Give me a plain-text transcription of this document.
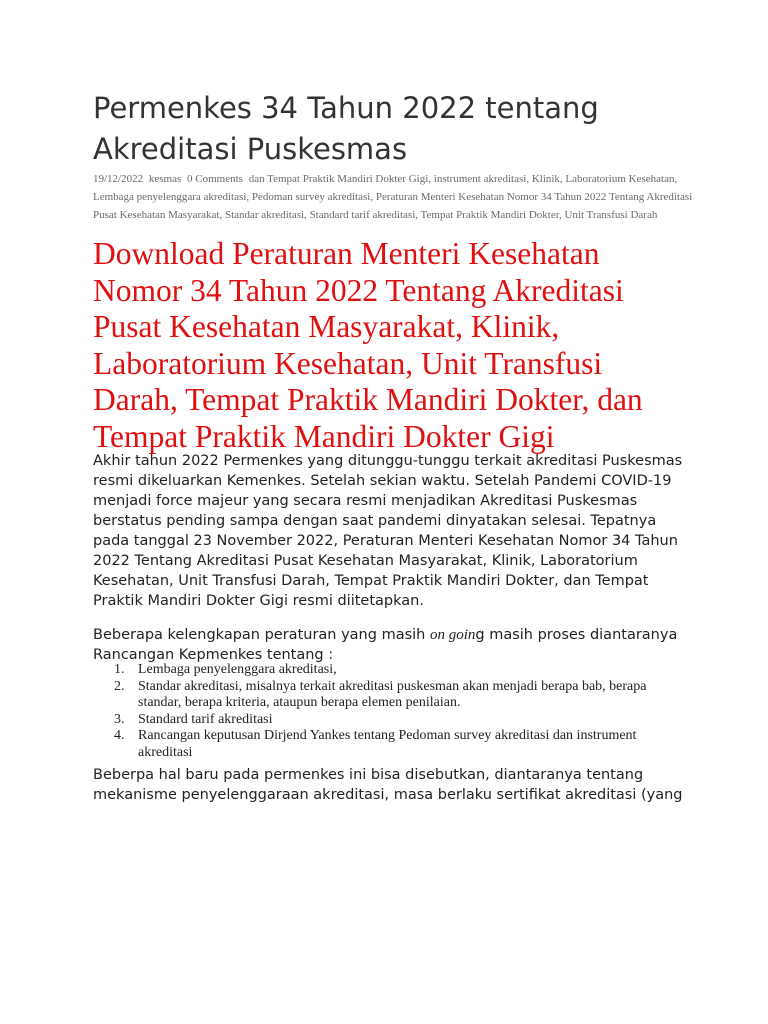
Permenkes 34 Tahun 2022 tentang Akreditasi Puskesmas
19/12/2022 kesmas 0 Comments dan Tempat Praktik Mandiri Dokter Gigi, instrument akreditasi, Klinik, Laboratorium Kesehatan, Lembaga penyelenggara akreditasi, Pedoman survey akreditasi, Peraturan Menteri Kesehatan Nomor 34 Tahun 2022 Tentang Akreditasi Pusat Kesehatan Masyarakat, Standar akreditasi, Standard tarif akreditasi, Tempat Praktik Mandiri Dokter, Unit Transfusi Darah
Download Peraturan Menteri Kesehatan Nomor 34 Tahun 2022 Tentang Akreditasi Pusat Kesehatan Masyarakat, Klinik, Laboratorium Kesehatan, Unit Transfusi Darah, Tempat Praktik Mandiri Dokter, dan Tempat Praktik Mandiri Dokter Gigi

Akhir tahun 2022 Permenkes yang ditunggu-tunggu terkait akreditasi Puskesmas resmi dikeluarkan Kemenkes. Setelah sekian waktu. Setelah Pandemi COVID-19 menjadi force majeur yang secara resmi menjadikan Akreditasi Puskesmas berstatus pending sampa dengan saat pandemi dinyatakan selesai. Tepatnya pada tanggal 23 November 2022, Peraturan Menteri Kesehatan Nomor 34 Tahun 2022 Tentang Akreditasi Pusat Kesehatan Masyarakat, Klinik, Laboratorium Kesehatan, Unit Transfusi Darah, Tempat Praktik Mandiri Dokter, dan Tempat Praktik Mandiri Dokter Gigi resmi diitetapkan.

Beberapa kelengkapan peraturan yang masih on going masih proses diantaranya Rancangan Kepmenkes tentang :

1. Lembaga penyelenggara akreditasi,
2. Standar akreditasi, misalnya terkait akreditasi puskesman akan menjadi berapa bab, berapa standar, berapa kriteria, ataupun berapa elemen penilaian.
3. Standard tarif akreditasi
4. Rancangan keputusan Dirjend Yankes tentang Pedoman survey akreditasi dan instrument akreditasi

Beberpa hal baru pada permenkes ini bisa disebutkan, diantaranya tentang mekanisme penyelenggaraan akreditasi, masa berlaku sertifikat akreditasi (yang
